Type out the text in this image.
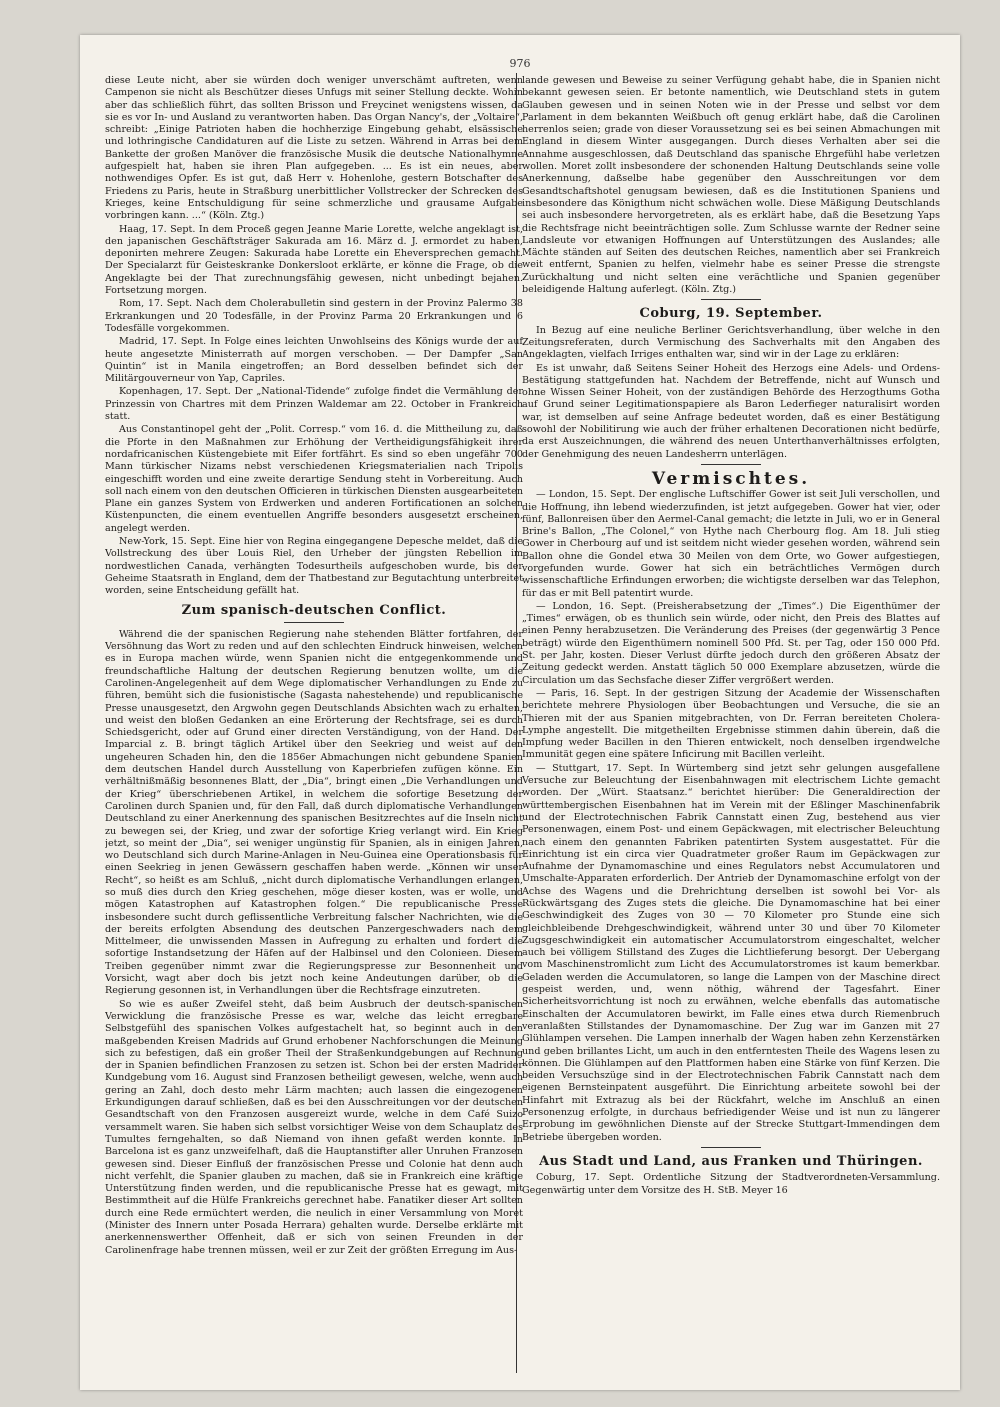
976

diese Leute nicht, aber sie würden doch weniger unverschämt auftreten, wenn Campenon sie nicht als Beschützer dieses Unfugs mit seiner Stellung deckte. Wohin aber das schließlich führt, das sollten Brisson und Freycinet wenigstens wissen, da sie es vor In- und Ausland zu verantworten haben. Das Organ Nancy's, der „Voltaire“, schreibt: „Einige Patrioten haben die hochherzige Eingebung gehabt, elsässische und lothringische Candidaturen auf die Liste zu setzen. Während in Arras bei dem Bankette der großen Manöver die französische Musik die deutsche Nationalhymne aufgespielt hat, haben sie ihren Plan aufgegeben. ... Es ist ein neues, aber nothwendiges Opfer. Es ist gut, daß Herr v. Hohenlohe, gestern Botschafter des Friedens zu Paris, heute in Straßburg unerbittlicher Vollstrecker der Schrecken des Krieges, keine Entschuldigung für seine schmerzliche und grausame Aufgabe vorbringen kann. ...“ (Köln. Ztg.)

Haag, 17. Sept. In dem Proceß gegen Jeanne Marie Lorette, welche angeklagt ist, den japanischen Geschäftsträger Sakurada am 16. März d. J. ermordet zu haben, deponirten mehrere Zeugen: Sakurada habe Lorette ein Eheversprechen gemacht. Der Specialarzt für Geisteskranke Donkersloot erklärte, er könne die Frage, ob die Angeklagte bei der That zurechnungsfähig gewesen, nicht unbedingt bejahen. Fortsetzung morgen.

Rom, 17. Sept. Nach dem Cholerabulletin sind gestern in der Provinz Palermo 38 Erkrankungen und 20 Todesfälle, in der Provinz Parma 20 Erkrankungen und 6 Todesfälle vorgekommen.

Madrid, 17. Sept. In Folge eines leichten Unwohlseins des Königs wurde der auf heute angesetzte Ministerrath auf morgen verschoben. — Der Dampfer „San Quintin“ ist in Manila eingetroffen; an Bord desselben befindet sich der Militärgouverneur von Yap, Capriles.

Kopenhagen, 17. Sept. Der „National-Tidende“ zufolge findet die Vermählung der Prinzessin von Chartres mit dem Prinzen Waldemar am 22. October in Frankreich statt.

Aus Constantinopel geht der „Polit. Corresp.“ vom 16. d. die Mittheilung zu, daß die Pforte in den Maßnahmen zur Erhöhung der Vertheidigungsfähigkeit ihrer nordafricanischen Küstengebiete mit Eifer fortfährt. Es sind so eben ungefähr 700 Mann türkischer Nizams nebst verschiedenen Kriegsmaterialien nach Tripolis eingeschifft worden und eine zweite derartige Sendung steht in Vorbereitung. Auch soll nach einem von den deutschen Officieren in türkischen Diensten ausgearbeiteten Plane ein ganzes System von Erdwerken und anderen Fortificationen an solchen Küstenpuncten, die einem eventuellen Angriffe besonders ausgesetzt erscheinen, angelegt werden.

New-York, 15. Sept. Eine hier von Regina eingegangene Depesche meldet, daß die Vollstreckung des über Louis Riel, den Urheber der jüngsten Rebellion im nordwestlichen Canada, verhängten Todesurtheils aufgeschoben wurde, bis der Geheime Staatsrath in England, dem der Thatbestand zur Begutachtung unterbreitet worden, seine Entscheidung gefällt hat.

Zum spanisch-deutschen Conflict.

Während die der spanischen Regierung nahe stehenden Blätter fortfahren, der Versöhnung das Wort zu reden und auf den schlechten Eindruck hinweisen, welchen es in Europa machen würde, wenn Spanien nicht die entgegenkommende und freundschaftliche Haltung der deutschen Regierung benutzen wollte, um die Carolinen-Angelegenheit auf dem Wege diplomatischer Verhandlungen zu Ende zu führen, bemüht sich die fusionistische (Sagasta nahestehende) und republicanische Presse unausgesetzt, den Argwohn gegen Deutschlands Absichten wach zu erhalten, und weist den bloßen Gedanken an eine Erörterung der Rechtsfrage, sei es durch Schiedsgericht, oder auf Grund einer directen Verständigung, von der Hand. Der Imparcial z. B. bringt täglich Artikel über den Seekrieg und weist auf den ungeheuren Schaden hin, den die 1856er Abmachungen nicht gebundene Spanien dem deutschen Handel durch Ausstellung von Kaperbriefen zufügen könne. Ein verhältnißmäßig besonnenes Blatt, der „Dia“, bringt einen „Die Verhandlungen und der Krieg“ überschriebenen Artikel, in welchem die sofortige Besetzung der Carolinen durch Spanien und, für den Fall, daß durch diplomatische Verhandlungen Deutschland zu einer Anerkennung des spanischen Besitzrechtes auf die Inseln nicht zu bewegen sei, der Krieg, und zwar der sofortige Krieg verlangt wird. Ein Krieg jetzt, so meint der „Dia“, sei weniger ungünstig für Spanien, als in einigen Jahren, wo Deutschland sich durch Marine-Anlagen in Neu-Guinea eine Operationsbasis für einen Seekrieg in jenen Gewässern geschaffen haben werde. „Können wir unser Recht“, so heißt es am Schluß, „nicht durch diplomatische Verhandlungen erlangen, so muß dies durch den Krieg geschehen, möge dieser kosten, was er wolle, und mögen Katastrophen auf Katastrophen folgen.“ Die republicanische Presse insbesondere sucht durch geflissentliche Verbreitung falscher Nachrichten, wie die der bereits erfolgten Absendung des deutschen Panzergeschwaders nach dem Mittelmeer, die unwissenden Massen in Aufregung zu erhalten und fordert die sofortige Instandsetzung der Häfen auf der Halbinsel und den Colonieen. Diesem Treiben gegenüber nimmt zwar die Regierungspresse zur Besonnenheit und Vorsicht, wagt aber doch bis jetzt noch keine Andeutungen darüber, ob die Regierung gesonnen ist, in Verhandlungen über die Rechtsfrage einzutreten.

So wie es außer Zweifel steht, daß beim Ausbruch der deutsch-spanischen Verwicklung die französische Presse es war, welche das leicht erregbare Selbstgefühl des spanischen Volkes aufgestachelt hat, so beginnt auch in den maßgebenden Kreisen Madrids auf Grund erhobener Nachforschungen die Meinung sich zu befestigen, daß ein großer Theil der Straßenkundgebungen auf Rechnung der in Spanien befindlichen Franzosen zu setzen ist. Schon bei der ersten Madrider Kundgebung vom 16. August sind Franzosen betheiligt gewesen, welche, wenn auch gering an Zahl, doch desto mehr Lärm machten; auch lassen die eingezogenen Erkundigungen darauf schließen, daß es bei den Ausschreitungen vor der deutschen Gesandtschaft von den Franzosen ausgereizt wurde, welche in dem Café Suizo versammelt waren. Sie haben sich selbst vorsichtiger Weise von dem Schauplatz des Tumultes ferngehalten, so daß Niemand von ihnen gefaßt werden konnte. In Barcelona ist es ganz unzweifelhaft, daß die Hauptanstifter aller Unruhen Franzosen gewesen sind. Dieser Einfluß der französischen Presse und Colonie hat denn auch nicht verfehlt, die Spanier glauben zu machen, daß sie in Frankreich eine kräftige Unterstützung finden werden, und die republicanische Presse hat es gewagt, mit Bestimmtheit auf die Hülfe Frankreichs gerechnet habe. Fanatiker dieser Art sollten durch eine Rede ermüchtert werden, die neulich in einer Versammlung von Moret (Minister des Innern unter Posada Herrara) gehalten wurde. Derselbe erklärte mit anerkennenswerther Offenheit, daß er sich von seinen Freunden in der Carolinenfrage habe trennen müssen, weil er zur Zeit der größten Erregung im Aus-

lande gewesen und Beweise zu seiner Verfügung gehabt habe, die in Spanien nicht bekannt gewesen seien. Er betonte namentlich, wie Deutschland stets in gutem Glauben gewesen und in seinen Noten wie in der Presse und selbst vor dem Parlament in dem bekannten Weißbuch oft genug erklärt habe, daß die Carolinen herrenlos seien; grade von dieser Voraussetzung sei es bei seinen Abmachungen mit England in diesem Winter ausgegangen. Durch dieses Verhalten aber sei die Annahme ausgeschlossen, daß Deutschland das spanische Ehrgefühl habe verletzen wollen. Moret zollt insbesondere der schonenden Haltung Deutschlands seine volle Anerkennung, daßselbe habe gegenüber den Ausschreitungen vor dem Gesandtschaftshotel genugsam bewiesen, daß es die Institutionen Spaniens und insbesondere das Königthum nicht schwächen wolle. Diese Mäßigung Deutschlands sei auch insbesondere hervorgetreten, als es erklärt habe, daß die Besetzung Yaps die Rechtsfrage nicht beeinträchtigen solle. Zum Schlusse warnte der Redner seine Landsleute vor etwanigen Hoffnungen auf Unterstützungen des Auslandes; alle Mächte ständen auf Seiten des deutschen Reiches, namentlich aber sei Frankreich weit entfernt, Spanien zu helfen, vielmehr habe es seiner Presse die strengste Zurückhaltung und nicht selten eine verächtliche und Spanien gegenüber beleidigende Haltung auferlegt. (Köln. Ztg.)

Coburg, 19. September.

In Bezug auf eine neuliche Berliner Gerichtsverhandlung, über welche in den Zeitungsreferaten, durch Vermischung des Sachverhalts mit den Angaben des Angeklagten, vielfach Irriges enthalten war, sind wir in der Lage zu erklären:

Es ist unwahr, daß Seitens Seiner Hoheit des Herzogs eine Adels- und Ordens-Bestätigung stattgefunden hat. Nachdem der Betreffende, nicht auf Wunsch und ohne Wissen Seiner Hoheit, von der zuständigen Behörde des Herzogthums Gotha auf Grund seiner Legitimationspapiere als Baron Lederfieger naturalisirt worden war, ist demselben auf seine Anfrage bedeutet worden, daß es einer Bestätigung sowohl der Nobilitirung wie auch der früher erhaltenen Decorationen nicht bedürfe, da erst Auszeichnungen, die während des neuen Unterthanverhältnisses erfolgten, der Genehmigung des neuen Landesherrn unterlägen.

Vermischtes.

— London, 15. Sept. Der englische Luftschiffer Gower ist seit Juli verschollen, und die Hoffnung, ihn lebend wiederzufinden, ist jetzt aufgegeben. Gower hat vier, oder fünf, Ballonreisen über den Aermel-Canal gemacht; die letzte in Juli, wo er in General Brine's Ballon, „The Colonel,“ von Hythe nach Cherbourg flog. Am 18. Juli stieg Gower in Cherbourg auf und ist seitdem nicht wieder gesehen worden, während sein Ballon ohne die Gondel etwa 30 Meilen von dem Orte, wo Gower aufgestiegen, vorgefunden wurde. Gower hat sich ein beträchtliches Vermögen durch wissenschaftliche Erfindungen erworben; die wichtigste derselben war das Telephon, für das er mit Bell patentirt wurde.

— London, 16. Sept. (Preisherabsetzung der „Times“.) Die Eigenthümer der „Times“ erwägen, ob es thunlich sein würde, oder nicht, den Preis des Blattes auf einen Penny herabzusetzen. Die Veränderung des Preises (der gegenwärtig 3 Pence beträgt) würde den Eigenthümern nominell 500 Pfd. St. per Tag, oder 150 000 Pfd. St. per Jahr, kosten. Dieser Verlust dürfte jedoch durch den größeren Absatz der Zeitung gedeckt werden. Anstatt täglich 50 000 Exemplare abzusetzen, würde die Circulation um das Sechsfache dieser Ziffer vergrößert werden.

— Paris, 16. Sept. In der gestrigen Sitzung der Academie der Wissenschaften berichtete mehrere Physiologen über Beobachtungen und Versuche, die sie an Thieren mit der aus Spanien mitgebrachten, von Dr. Ferran bereiteten Cholera-Lymphe angestellt. Die mitgetheilten Ergebnisse stimmen dahin überein, daß die Impfung weder Bacillen in den Thieren entwickelt, noch denselben irgendwelche Immunität gegen eine spätere Inficirung mit Bacillen verleiht.

— Stuttgart, 17. Sept. In Würtemberg sind jetzt sehr gelungen ausgefallene Versuche zur Beleuchtung der Eisenbahnwagen mit electrischem Lichte gemacht worden. Der „Würt. Staatsanz.“ berichtet hierüber: Die Generaldirection der württembergischen Eisenbahnen hat im Verein mit der Eßlinger Maschinenfabrik und der Electrotechnischen Fabrik Cannstatt einen Zug, bestehend aus vier Personenwagen, einem Post- und einem Gepäckwagen, mit electrischer Beleuchtung nach einem den genannten Fabriken patentirten System ausgestattet. Für die Einrichtung ist ein circa vier Quadratmeter großer Raum im Gepäckwagen zur Aufnahme der Dynamomaschine und eines Regulators nebst Accumulatoren und Umschalte-Apparaten erforderlich. Der Antrieb der Dynamomaschine erfolgt von der Achse des Wagens und die Drehrichtung derselben ist sowohl bei Vor- als Rückwärtsgang des Zuges stets die gleiche. Die Dynamomaschine hat bei einer Geschwindigkeit des Zuges von 30 — 70 Kilometer pro Stunde eine sich gleichbleibende Drehgeschwindigkeit, während unter 30 und über 70 Kilometer Zugsgeschwindigkeit ein automatischer Accumulatorstrom eingeschaltet, welcher auch bei völligem Stillstand des Zuges die Lichtlieferung besorgt. Der Uebergang vom Maschinenstromlicht zum Licht des Accumulatorstromes ist kaum bemerkbar. Geladen werden die Accumulatoren, so lange die Lampen von der Maschine direct gespeist werden, und, wenn nöthig, während der Tagesfahrt. Einer Sicherheitsvorrichtung ist noch zu erwähnen, welche ebenfalls das automatische Einschalten der Accumulatoren bewirkt, im Falle eines etwa durch Riemenbruch veranlaßten Stillstandes der Dynamomaschine. Der Zug war im Ganzen mit 27 Glühlampen versehen. Die Lampen innerhalb der Wagen haben zehn Kerzenstärken und geben brillantes Licht, um auch in den entferntesten Theile des Wagens lesen zu können. Die Glühlampen auf den Plattformen haben eine Stärke von fünf Kerzen. Die beiden Versuchszüge sind in der Electrotechnischen Fabrik Cannstatt nach dem eigenen Bernsteinpatent ausgeführt. Die Einrichtung arbeitete sowohl bei der Hinfahrt mit Extrazug als bei der Rückfahrt, welche im Anschluß an einen Personenzug erfolgte, in durchaus befriedigender Weise und ist nun zu längerer Erprobung im gewöhnlichen Dienste auf der Strecke Stuttgart-Immendingen dem Betriebe übergeben worden.

Aus Stadt und Land, aus Franken und Thüringen.

Coburg, 17. Sept. Ordentliche Sitzung der Stadtverordneten-Versammlung. Gegenwärtig unter dem Vorsitze des H. StB. Meyer 16
